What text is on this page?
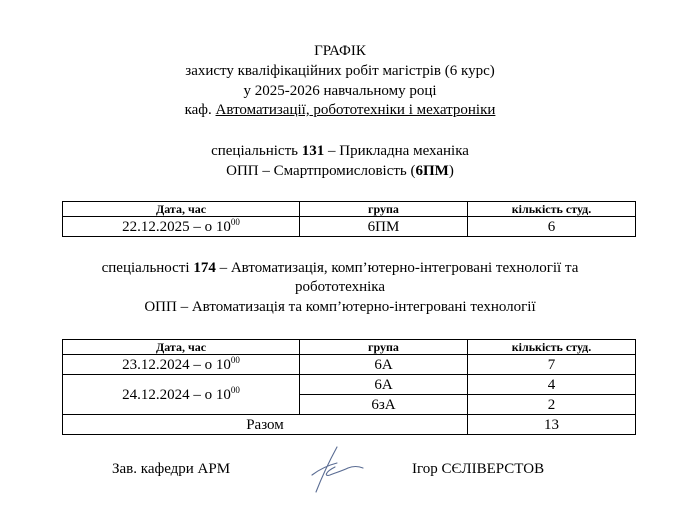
ГРАФІК
захисту кваліфікаційних робіт магістрів (6 курс)
у 2025-2026 навчальному році
каф. Автоматизації, робототехніки і мехатроніки
спеціальність 131 – Прикладна механіка
ОПП – Смартпромисловість (6ПМ)
Дата, час	група	кількість студ.
22.12.2025 – о $10^{00}$	6ПМ	6
спеціальності 174 – Автоматизація, комп’ютерно-інтегровані технології та
робототехніка
ОПП – Автоматизація та комп’ютерно-інтегровані технології
Дата, час	група	кількість студ.
23.12.2024 – о $10^{00}$	6А	7
24.12.2024 – о $10^{00}$	6А	4
	6зА	2
Разом		13
Зав. кафедри АРМ	Ігор СЄЛІВЕРСТОВ
